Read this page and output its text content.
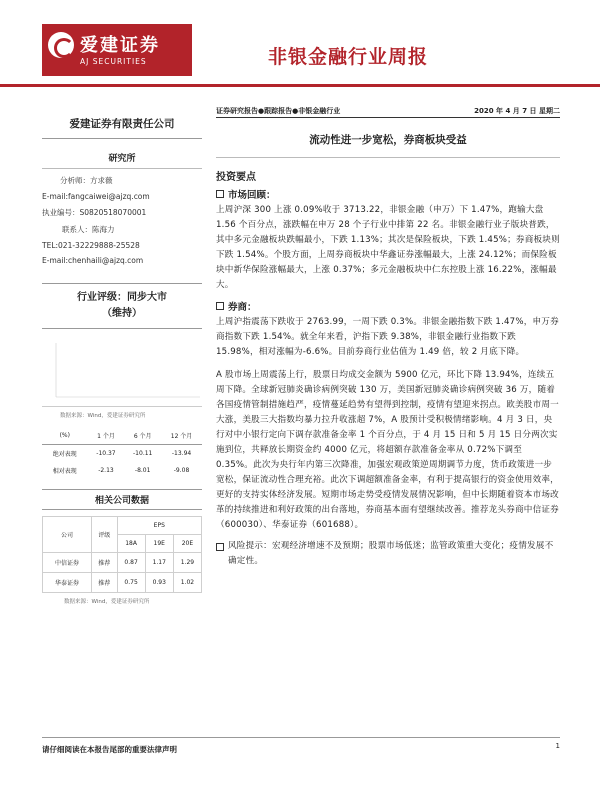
爱建证券
AJ SECURITIES	非银金融行业周报
爱建证券有限责任公司
研究所
分析师：方求薇
E-mail:fangcaiwei@ajzq.com
执业编号：S0820518070001
联系人：陈海力
TEL:021-32229888-25528
E-mail:chenhaili@ajzq.com
行业评级：同步大市
（维持）
数据来源：Wind，爱建证券研究所
(%)	1 个月	6 个月	12 个月
绝对表现	-10.37	-10.11	-13.94
相对表现	-2.13	-8.01	-9.08
相关公司数据
公司	评级	EPS		
		18A	19E	20E
中信证券	推荐	0.87	1.17	1.29
华泰证券	推荐	0.75	0.93	1.02
数据来源：Wind，爱建证券研究所
证券研究报告●跟踪报告●非银金融行业	2020 年 4 月 7 日 星期二
流动性进一步宽松，券商板块受益
投资要点
市场回顾：
上周沪深 300 上涨 0.09%收于 3713.22，非银金融（申万）下 1.47%，跑输大盘 1.56 个百分点，涨跌幅在申万 28 个子行业中排第 22 名。非银金融行业子版块普跌，其中多元金融板块跌幅最小，下跌 1.13%；其次是保险板块，下跌 1.45%；券商板块则下跌 1.54%。个股方面，上周券商板块中华鑫证券涨幅最大，上涨 24.12%；而保险板块中新华保险涨幅最大，上涨 0.37%；多元金融板块中仁东控股上涨 16.22%，涨幅最大。
券商：
上周沪指震荡下跌收于 2763.99，一周下跌 0.3%。非银金融指数下跌 1.47%，申万券商指数下跌 1.54%。就全年来看，沪指下跌 9.38%，非银金融行业指数下跌 15.98%，相对涨幅为-6.6%。目前券商行业估值为 1.49 倍，较 2 月底下降。
A 股市场上周震荡上行，股票日均成交金额为 5900 亿元，环比下降 13.94%，连续五周下降。全球新冠肺炎确诊病例突破 130 万，美国新冠肺炎确诊病例突破 36 万，随着各国疫情管制措施趋严，疫情蔓延趋势有望得到控制，疫情有望迎来拐点。欧美股市周一大涨，美股三大指数均暴力拉升收涨超 7%，A 股预计受积极情绪影响。4 月 3 日，央行对中小银行定向下调存款准备金率 1 个百分点，于 4 月 15 日和 5 月 15 日分两次实施到位，共释放长期资金约 4000 亿元，将超额存款准备金率从 0.72%下调至 0.35%。此次为央行年内第三次降准，加强宏观政策逆周期调节力度，货币政策进一步宽松，保证流动性合理充裕。此次下调超额准备金率，有利于提高银行的资金使用效率，更好的支持实体经济发展。短期市场走势受疫情发展情况影响，但中长期随着资本市场改革的持续推进和利好政策的出台落地，券商基本面有望继续改善。推荐龙头券商中信证券（600030）、华泰证券（601688）。
风险提示：宏观经济增速不及预期；股票市场低迷；监管政策重大变化；疫情发展不确定性。
请仔细阅读在本报告尾部的重要法律声明	1
